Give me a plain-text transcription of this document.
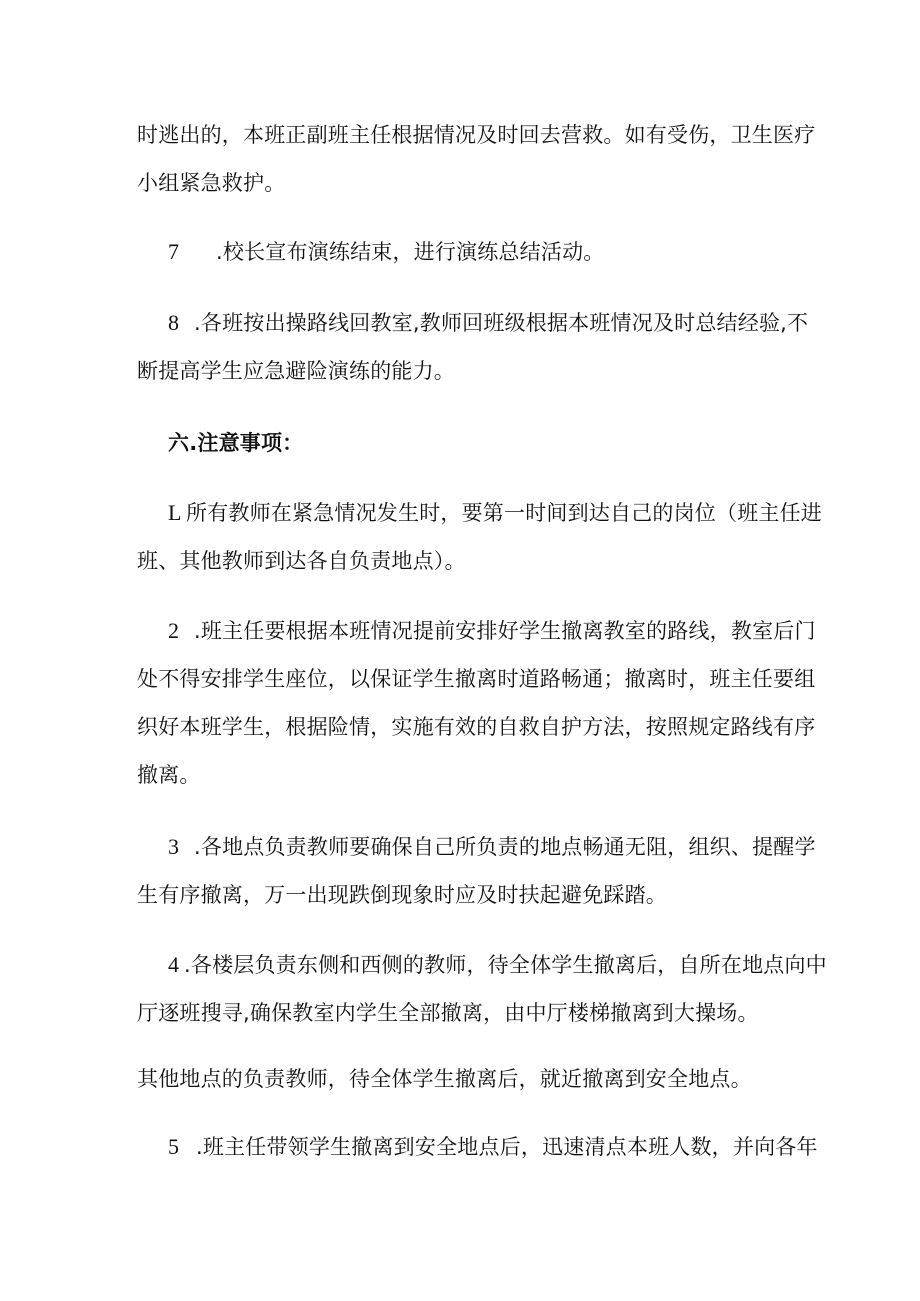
时逃出的，本班正副班主任根据情况及时回去营救。如有受伤，卫生医疗
小组紧急救护。
7 .校长宣布演练结束，进行演练总结活动。
8 .各班按出操路线回教室,教师回班级根据本班情况及时总结经验,不
断提高学生应急避险演练的能力。
六.注意事项：
L 所有教师在紧急情况发生时，要第一时间到达自己的岗位（班主任进
班、其他教师到达各自负责地点）。
2 .班主任要根据本班情况提前安排好学生撤离教室的路线，教室后门
处不得安排学生座位，以保证学生撤离时道路畅通；撤离时，班主任要组
织好本班学生，根据险情，实施有效的自救自护方法，按照规定路线有序
撤离。
3 .各地点负责教师要确保自己所负责的地点畅通无阻，组织、提醒学
生有序撤离，万一出现跌倒现象时应及时扶起避免踩踏。
4 .各楼层负责东侧和西侧的教师，待全体学生撤离后，自所在地点向中
厅逐班搜寻,确保教室内学生全部撤离，由中厅楼梯撤离到大操场。
其他地点的负责教师，待全体学生撤离后，就近撤离到安全地点。
5 .班主任带领学生撤离到安全地点后，迅速清点本班人数，并向各年
